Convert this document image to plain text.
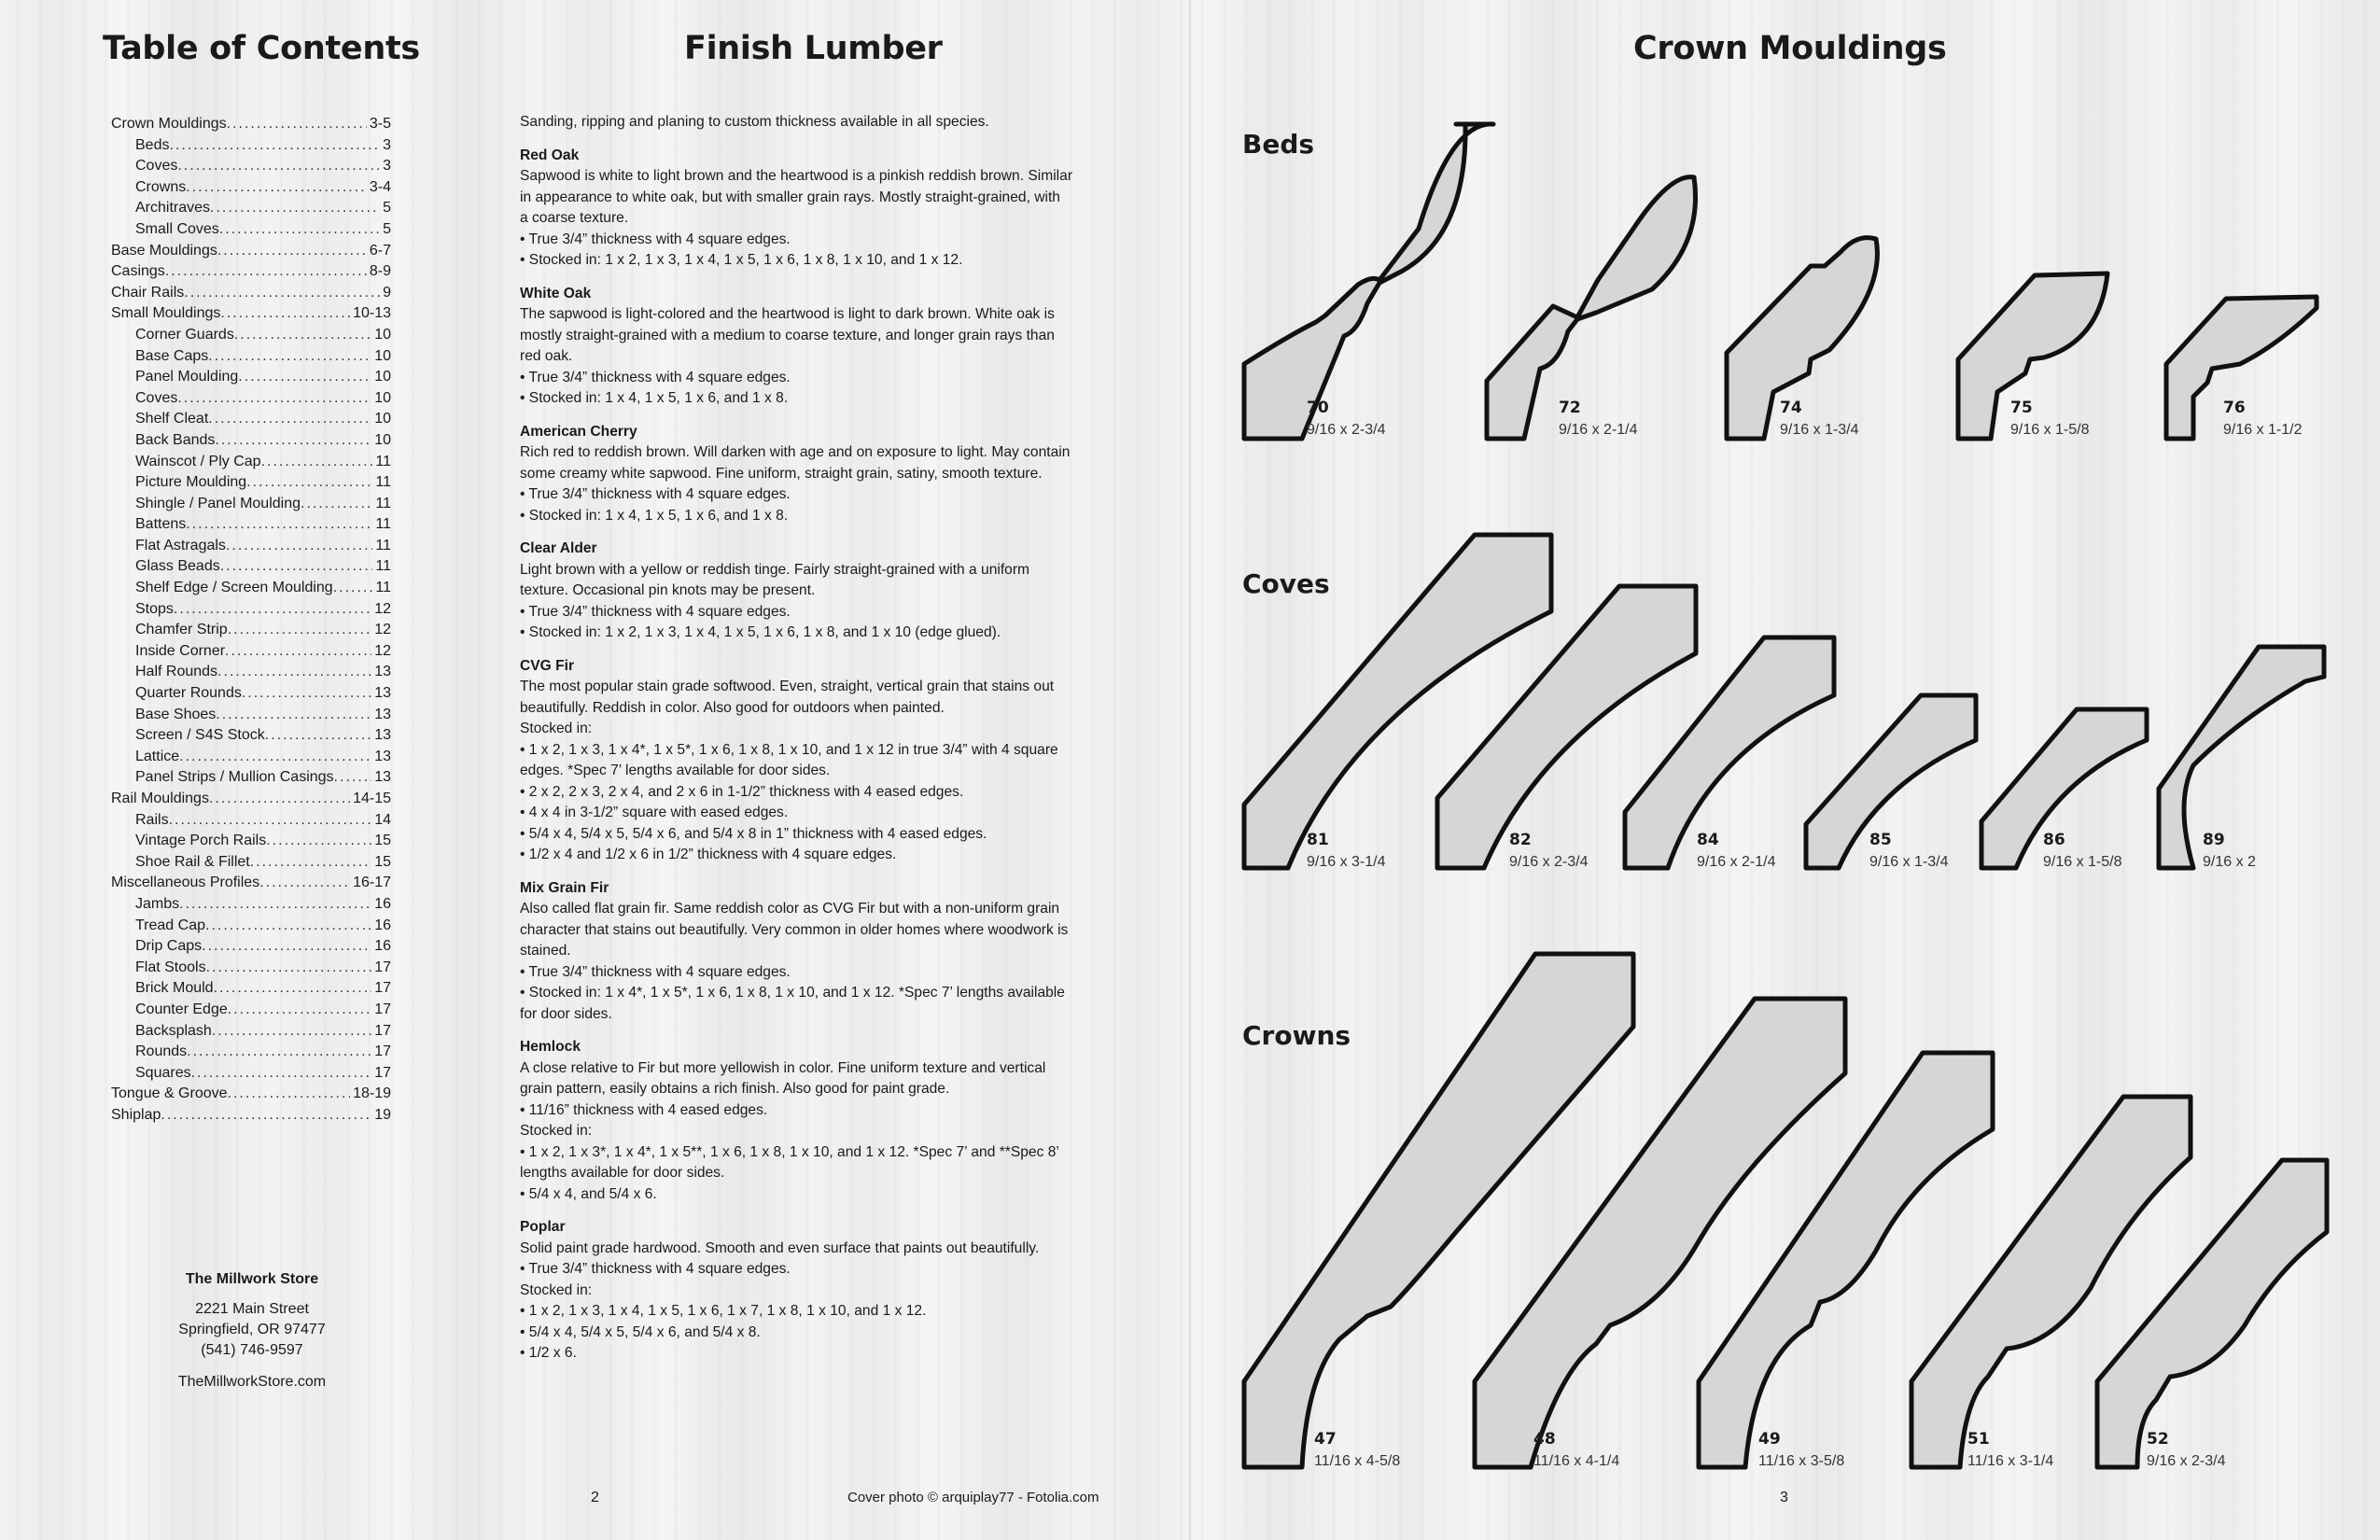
Table of Contents
Crown Mouldings .....	3-5
Beds .....	3
Coves .....	3
Crowns .....	3-4
Architraves .....	5
Small Coves .....	5
Base Mouldings .....	6-7
Casings .....	8-9
Chair Rails .....	9
Small Mouldings .....	10-13
Corner Guards .....	10
Base Caps .....	10
Panel Moulding .....	10
Coves .....	10
Shelf Cleat .....	10
Back Bands .....	10
Wainscot / Ply Cap .....	11
Picture Moulding .....	11
Shingle / Panel Moulding .....	11
Battens .....	11
Flat Astragals .....	11
Glass Beads .....	11
Shelf Edge / Screen Moulding .....	11
Stops .....	12
Chamfer Strip .....	12
Inside Corner .....	12
Half Rounds .....	13
Quarter Rounds .....	13
Base Shoes .....	13
Screen / S4S Stock .....	13
Lattice .....	13
Panel Strips / Mullion Casings .....	13
Rail Mouldings .....	14-15
Rails .....	14
Vintage Porch Rails .....	15
Shoe Rail & Fillet .....	15
Miscellaneous Profiles .....	16-17
Jambs .....	16
Tread Cap .....	16
Drip Caps .....	16
Flat Stools .....	17
Brick Mould .....	17
Counter Edge .....	17
Backsplash .....	17
Rounds .....	17
Squares .....	17
Tongue & Groove .....	18-19
Shiplap .....	19
The Millwork Store
2221 Main Street
Springfield, OR 97477
(541) 746-9597
TheMillworkStore.com
Finish Lumber

Sanding, ripping and planing to custom thickness available in all species.

Red Oak

Sapwood is white to light brown and the heartwood is a pinkish reddish brown. Similar

in appearance to white oak, but with smaller grain rays. Mostly straight-grained, with

a coarse texture.

• True 3/4” thickness with 4 square edges.

• Stocked in: 1 x 2, 1 x 3, 1 x 4, 1 x 5, 1 x 6, 1 x 8, 1 x 10, and 1 x 12.

White Oak

The sapwood is light-colored and the heartwood is light to dark brown. White oak is

mostly straight-grained with a medium to coarse texture, and longer grain rays than

red oak.

• True 3/4” thickness with 4 square edges.

• Stocked in: 1 x 4, 1 x 5, 1 x 6, and 1 x 8.

American Cherry

Rich red to reddish brown. Will darken with age and on exposure to light. May contain

some creamy white sapwood. Fine uniform, straight grain, satiny, smooth texture.

• True 3/4” thickness with 4 square edges.

• Stocked in: 1 x 4, 1 x 5, 1 x 6, and 1 x 8.

Clear Alder

Light brown with a yellow or reddish tinge. Fairly straight-grained with a uniform

texture. Occasional pin knots may be present.

• True 3/4” thickness with 4 square edges.

• Stocked in: 1 x 2, 1 x 3, 1 x 4, 1 x 5, 1 x 6, 1 x 8, and 1 x 10 (edge glued).

CVG Fir

The most popular stain grade softwood. Even, straight, vertical grain that stains out

beautifully. Reddish in color. Also good for outdoors when painted.

Stocked in:

• 1 x 2, 1 x 3, 1 x 4*, 1 x 5*, 1 x 6, 1 x 8, 1 x 10, and 1 x 12 in true 3/4” with 4 square

edges. *Spec 7’ lengths available for door sides.

• 2 x 2, 2 x 3, 2 x 4, and 2 x 6 in 1-1/2” thickness with 4 eased edges.

• 4 x 4 in 3-1/2” square with eased edges.

• 5/4 x 4, 5/4 x 5, 5/4 x 6, and 5/4 x 8 in 1” thickness with 4 eased edges.

• 1/2 x 4 and 1/2 x 6 in 1/2” thickness with 4 square edges.

Mix Grain Fir

Also called flat grain fir. Same reddish color as CVG Fir but with a non-uniform grain

character that stains out beautifully. Very common in older homes where woodwork is

stained.

• True 3/4” thickness with 4 square edges.

• Stocked in: 1 x 4*, 1 x 5*, 1 x 6, 1 x 8, 1 x 10, and 1 x 12. *Spec 7’ lengths available

for door sides.

Hemlock

A close relative to Fir but more yellowish in color. Fine uniform texture and vertical

grain pattern, easily obtains a rich finish. Also good for paint grade.

• 11/16” thickness with 4 eased edges.

Stocked in:

• 1 x 2, 1 x 3*, 1 x 4*, 1 x 5**, 1 x 6, 1 x 8, 1 x 10, and 1 x 12. *Spec 7’ and **Spec 8’

lengths available for door sides.

• 5/4 x 4, and 5/4 x 6.

Poplar

Solid paint grade hardwood. Smooth and even surface that paints out beautifully.

• True 3/4” thickness with 4 square edges.

Stocked in:

• 1 x 2, 1 x 3, 1 x 4, 1 x 5, 1 x 6, 1 x 7, 1 x 8, 1 x 10, and 1 x 12.

• 5/4 x 4, 5/4 x 5, 5/4 x 6, and 5/4 x 8.

• 1/2 x 6.

2	Cover photo © arquiplay77 - Fotolia.com
Crown Mouldings
Beds
Coves
Crowns
70
9/16 x 2-3/4
72
9/16 x 2-1/4
74
9/16 x 1-3/4
75
9/16 x 1-5/8
76
9/16 x 1-1/2
81
9/16 x 3-1/4
82
9/16 x 2-3/4
84
9/16 x 2-1/4
85
9/16 x 1-3/4
86
9/16 x 1-5/8
89
9/16 x 2
47
11/16 x 4-5/8
48
11/16 x 4-1/4
49
11/16 x 3-5/8
51
11/16 x 3-1/4
52
9/16 x 2-3/4
3
